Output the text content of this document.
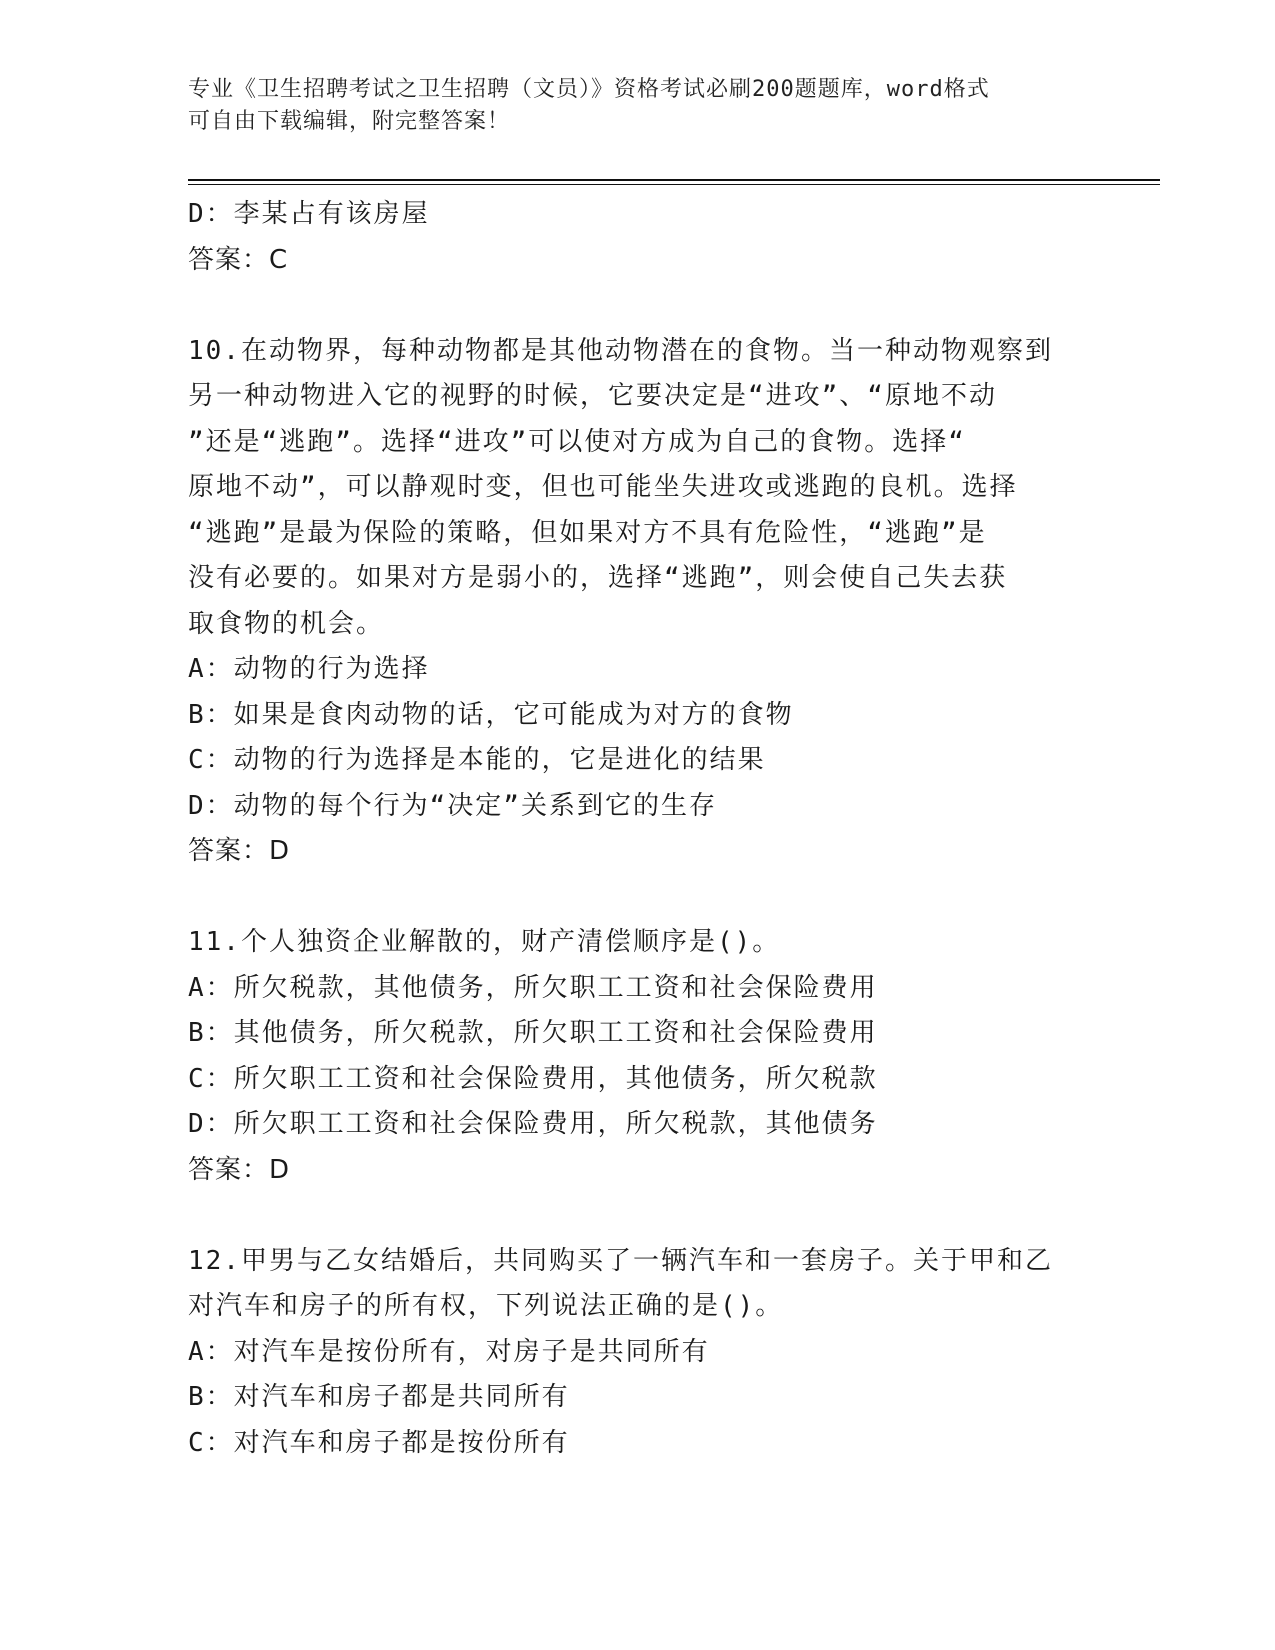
专业《卫生招聘考试之卫生招聘（文员）》资格考试必刷200题题库，word格式
可自由下载编辑，附完整答案！
D：李某占有该房屋
答案：C
10.在动物界，每种动物都是其他动物潜在的食物。当一种动物观察到
另一种动物进入它的视野的时候，它要决定是“进攻”、“原地不动
”还是“逃跑”。选择“进攻”可以使对方成为自己的食物。选择“
原地不动”，可以静观时变，但也可能坐失进攻或逃跑的良机。选择
“逃跑”是最为保险的策略，但如果对方不具有危险性，“逃跑”是
没有必要的。如果对方是弱小的，选择“逃跑”，则会使自己失去获
取食物的机会。
A：动物的行为选择
B：如果是食肉动物的话，它可能成为对方的食物
C：动物的行为选择是本能的，它是进化的结果
D：动物的每个行为“决定”关系到它的生存
答案：D
11.个人独资企业解散的，财产清偿顺序是()。
A：所欠税款，其他债务，所欠职工工资和社会保险费用
B：其他债务，所欠税款，所欠职工工资和社会保险费用
C：所欠职工工资和社会保险费用，其他债务，所欠税款
D：所欠职工工资和社会保险费用，所欠税款，其他债务
答案：D
12.甲男与乙女结婚后，共同购买了一辆汽车和一套房子。关于甲和乙
对汽车和房子的所有权，下列说法正确的是()。
A：对汽车是按份所有，对房子是共同所有
B：对汽车和房子都是共同所有
C：对汽车和房子都是按份所有
